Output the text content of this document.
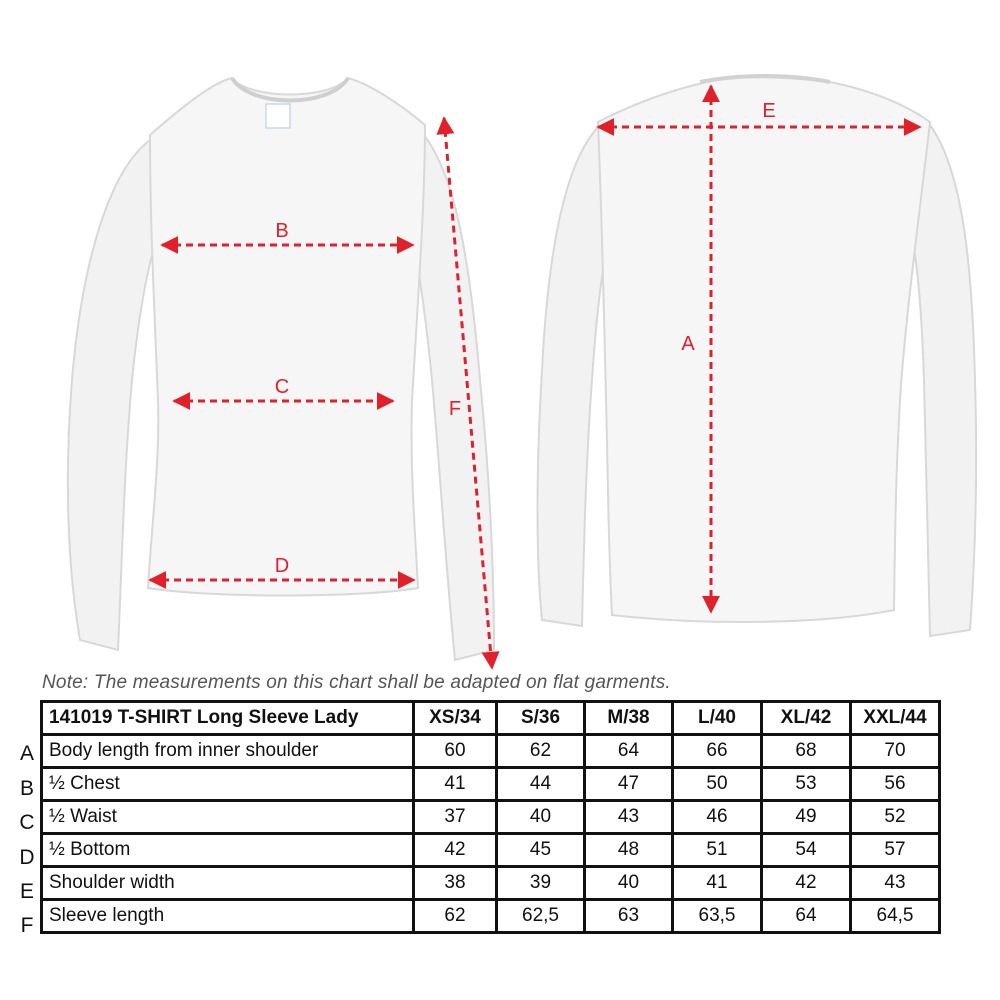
B
C
D
F
E
A
Note: The measurements on this chart shall be adapted on flat garments.
A
B
C
D
E
F
141019 T-SHIRT Long Sleeve Lady	XS/34	S/36	M/38	L/40	XL/42	XXL/44
Body length from inner shoulder	60	62	64	66	68	70
½ Chest	41	44	47	50	53	56
½ Waist	37	40	43	46	49	52
½ Bottom	42	45	48	51	54	57
Shoulder width	38	39	40	41	42	43
Sleeve length	62	62,5	63	63,5	64	64,5
